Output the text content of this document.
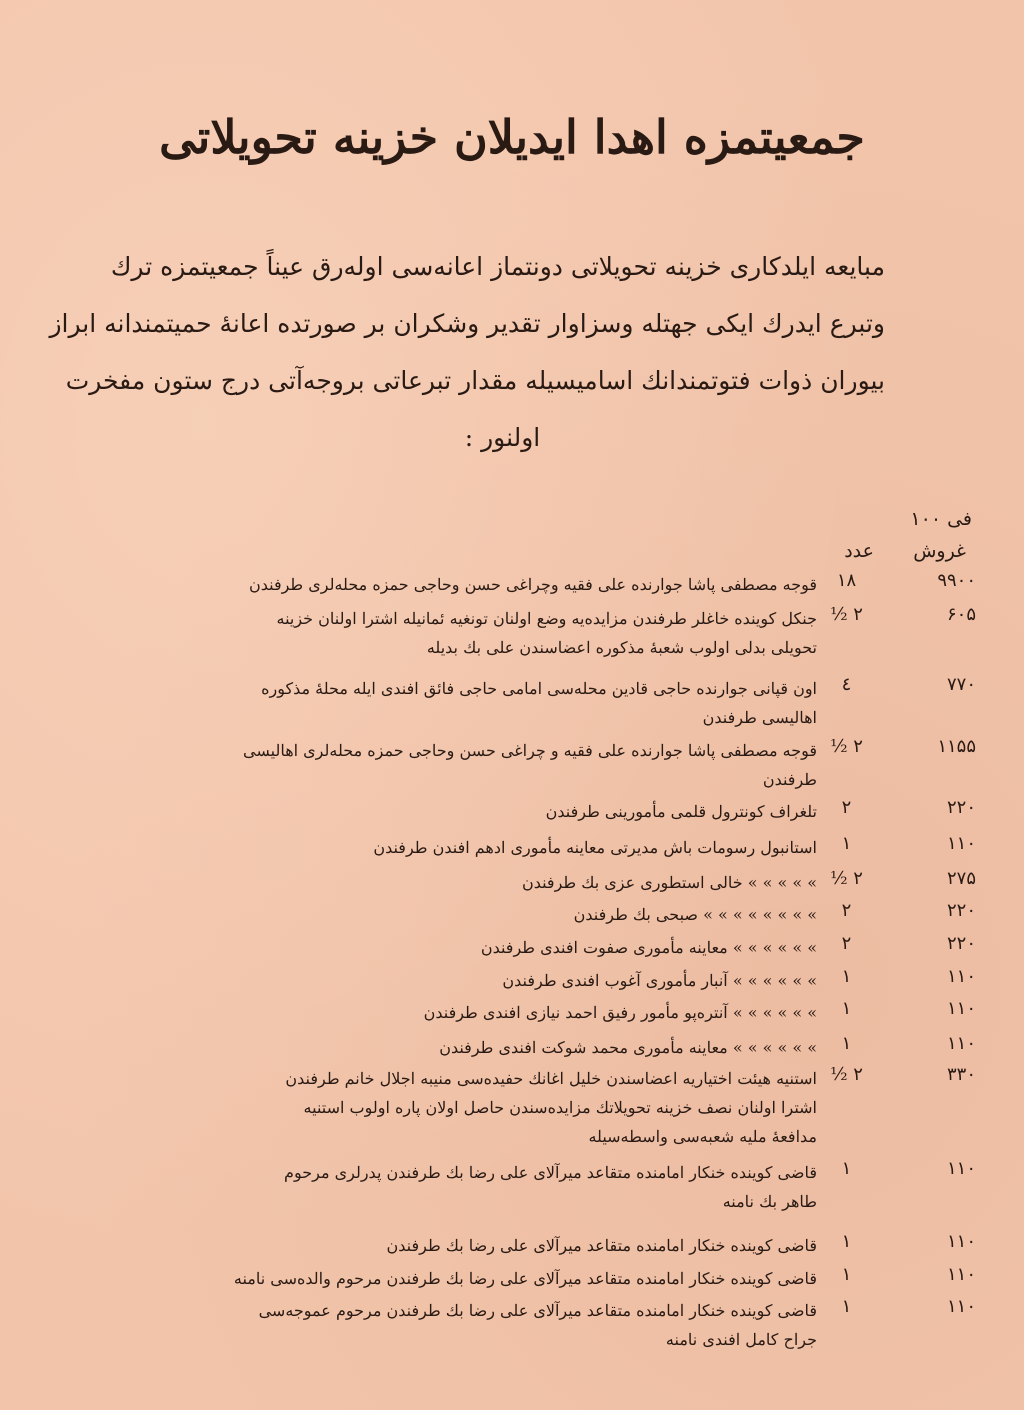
جمعیتمزه اهدا ایدیلان خزینه تحویلاتی
مبایعه ایلدکاری خزینه تحویلاتی دونتماز اعانه‌سی اوله‌رق عیناً جمعیتمزه ترك
وتبرع ایدرك ایکی جهتله وسزاوار تقدیر وشکران بر صورتده اعانهٔ حمیتمندانه ابراز
بیوران ذوات فتوتمندانك اسامیسیله مقدار تبرعاتی بروجه‌آتی درج ستون مفخرت
اولنور :
فی ۱۰۰
غروش
عدد
۹۹۰۰
۱۸
قوجه مصطفی پاشا جوارنده علی فقیه وچراغی حسن وحاجی حمزه محله‌لری طرفندن
۶۰۵
۲ ½
جنکل کوینده خاغلر طرفندن مزایده‌یه وضع اولنان تونغیه ئمانیله اشترا اولنان خزینه
تحویلی بدلی اولوب شعبهٔ مذکوره اعضاسندن علی بك بدیله
۷۷۰
٤
اون قپانی جوارنده حاجی قادین محله‌سی امامی حاجی فائق افندی ایله محلهٔ مذکوره
اهالیسی طرفندن
۱۱۵۵
۲ ½
قوجه مصطفی پاشا جوارنده علی فقیه و چراغی حسن وحاجی حمزه محله‌لری اهالیسی
طرفندن
۲۲۰
۲
تلغراف کونترول قلمی مأمورینی طرفندن
۱۱۰
۱
استانبول رسومات باش مدیرتی معاینه مأموری ادهم افندن طرفندن
۲۷۵
۲ ½
» » » » » خالی استطوری عزی بك طرفندن
۲۲۰
۲
» » » » » » » » صبحی بك طرفندن
۲۲۰
۲
» » » » » » معاینه مأموری صفوت افندی طرفندن
۱۱۰
۱
» » » » » » آنبار مأموری آغوب افندی طرفندن
۱۱۰
۱
» » » » » » آنتره‌پو مأمور رفیق احمد نیازی افندی طرفندن
۱۱۰
۱
» » » » » » معاینه مأموری محمد شوکت افندی طرفندن
۳۳۰
۲ ½
استنیه هیئت اختیاریه اعضاسندن خلیل اغانك حفیده‌سی منیبه اجلال خانم طرفندن
اشترا اولنان نصف خزینه تحویلاتك مزایده‌سندن حاصل اولان پاره اولوب استنیه
مدافعهٔ ملیه شعبه‌سی واسطه‌سیله
۱۱۰
۱
قاضی کوینده خنکار امامنده متقاعد میرآلای علی رضا بك طرفندن پدرلری مرحوم
طاهر بك نامنه
۱۱۰
۱
قاضی کوینده خنکار امامنده متقاعد میرآلای علی رضا بك طرفندن
۱۱۰
۱
قاضی کوینده خنکار امامنده متقاعد میرآلای علی رضا بك طرفندن مرحوم والده‌سی نامنه
۱۱۰
۱
قاضی کوینده خنکار امامنده متقاعد میرآلای علی رضا بك طرفندن مرحوم عموجه‌سی
جراح کامل افندی نامنه
